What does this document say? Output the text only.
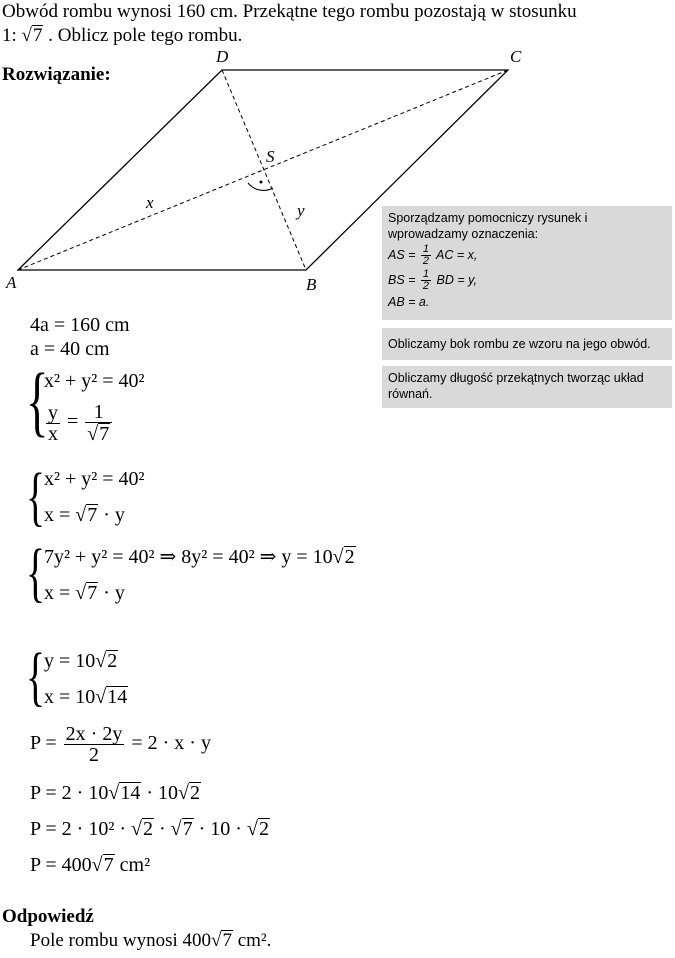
Obwód rombu wynosi 160 cm. Przekątne tego rombu pozostają w stosunku
1: √7 . Oblicz pole tego rombu.
Rozwiązanie:
A	B
C
D
S
x	y	Sporządzamy pomocniczy rysunek i wprowadzamy oznaczenia:
AS = $\frac{1}{2}$ AC = x,
BS = $\frac{1}{2}$ BD = y,
AB = a.
Obliczamy bok rombu ze wzoru na jego obwód.
Obliczamy długość przekątnych tworząc układ równań.
4a = 160 cm
a = 40 cm
{
x² + y² = 40²
$\frac{y}{x} = \frac{1}{√7}$
{
x² + y² = 40²
x = √7 · y
{
7y² + y² = 40² ⇒ 8y² = 40² ⇒ y = 10√2
x = √7 · y
{
y = 10√2
x = 10√14
$P = \frac{2x \cdot 2y}{2} = 2 \cdot x \cdot y$
P = 2 · 10√14 · 10√2
P = 2 · 10² · √2 · √7 · 10 · √2
P = 400√7 cm²
Odpowiedź
Pole rombu wynosi 400√7 cm².
